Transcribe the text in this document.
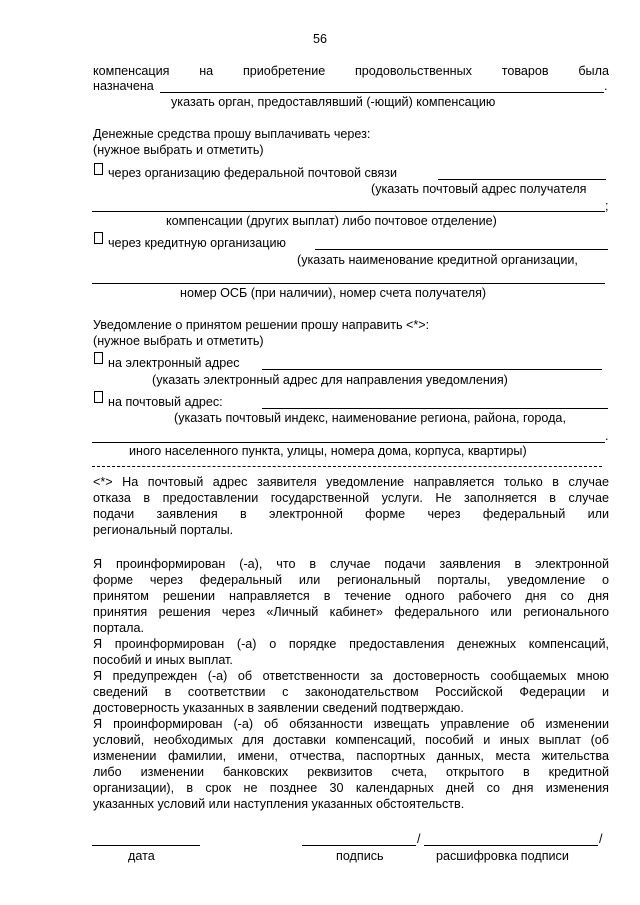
56
компенсация на приобретение продовольственных товаров была
назначена	.
указать орган, предоставлявший (-ющий) компенсацию
Денежные средства прошу выплачивать через:
(нужное выбрать и отметить)
через организацию федеральной почтовой связи
(указать почтовый адрес получателя
;
компенсации (других выплат) либо почтовое отделение)
через кредитную организацию
(указать наименование кредитной организации,
номер ОСБ (при наличии), номер счета получателя)
Уведомление о принятом решении прошу направить <*>:
(нужное выбрать и отметить)
на электронный адрес
(указать электронный адрес для направления уведомления)
на почтовый адрес:
(указать почтовый индекс, наименование региона, района, города,
.
иного населенного пункта, улицы, номера дома, корпуса, квартиры)
<*> На почтовый адрес заявителя уведомление направляется только в случае
отказа в предоставлении государственной услуги. Не заполняется в случае
подачи заявления в электронной форме через федеральный или
региональный порталы.
Я проинформирован (-а), что в случае подачи заявления в электронной
форме через федеральный или региональный порталы, уведомление о
принятом решении направляется в течение одного рабочего дня со дня
принятия решения через «Личный кабинет» федерального или регионального
портала.
Я проинформирован (-а) о порядке предоставления денежных компенсаций,
пособий и иных выплат.
Я предупрежден (-а) об ответственности за достоверность сообщаемых мною
сведений в соответствии с законодательством Российской Федерации и
достоверность указанных в заявлении сведений подтверждаю.
Я проинформирован (-а) об обязанности извещать управление об изменении
условий, необходимых для доставки компенсаций, пособий и иных выплат (об
изменении фамилии, имени, отчества, паспортных данных, места жительства
либо изменении банковских реквизитов счета, открытого в кредитной
организации), в срок не позднее 30 календарных дней со дня изменения
указанных условий или наступления указанных обстоятельств.
/	/
дата	подпись	расшифровка подписи
